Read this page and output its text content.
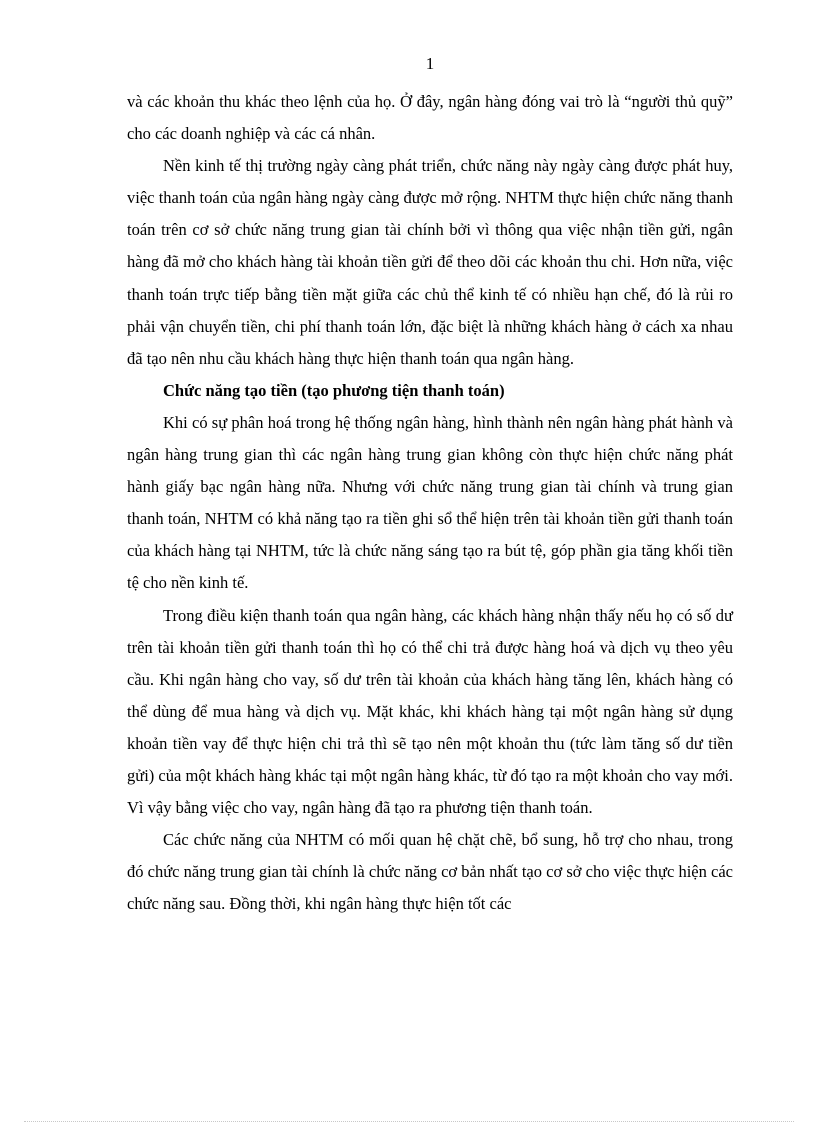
1

và các khoản thu khác theo lệnh của họ. Ở đây, ngân hàng đóng vai trò là “người thủ quỹ” cho các doanh nghiệp và các cá nhân.

Nền kinh tế thị trường ngày càng phát triển, chức năng này ngày càng được phát huy, việc thanh toán của ngân hàng ngày càng được mở rộng. NHTM thực hiện chức năng thanh toán trên cơ sở chức năng trung gian tài chính bởi vì thông qua việc nhận tiền gửi, ngân hàng đã mở cho khách hàng tài khoản tiền gửi để theo dõi các khoản thu chi. Hơn nữa, việc thanh toán trực tiếp bằng tiền mặt giữa các chủ thể kinh tế có nhiều hạn chế, đó là rủi ro phải vận chuyển tiền, chi phí thanh toán lớn, đặc biệt là những khách hàng ở cách xa nhau đã tạo nên nhu cầu khách hàng thực hiện thanh toán qua ngân hàng.

Chức năng tạo tiền (tạo phương tiện thanh toán)

Khi có sự phân hoá trong hệ thống ngân hàng, hình thành nên ngân hàng phát hành và ngân hàng trung gian thì các ngân hàng trung gian không còn thực hiện chức năng phát hành giấy bạc ngân hàng nữa. Nhưng với chức năng trung gian tài chính và trung gian thanh toán, NHTM có khả năng tạo ra tiền ghi sổ thể hiện trên tài khoản tiền gửi thanh toán của khách hàng tại NHTM, tức là chức năng sáng tạo ra bút tệ, góp phần gia tăng khối tiền tệ cho nền kinh tế.

Trong điều kiện thanh toán qua ngân hàng, các khách hàng nhận thấy nếu họ có số dư trên tài khoản tiền gửi thanh toán thì họ có thể chi trả được hàng hoá và dịch vụ theo yêu cầu. Khi ngân hàng cho vay, số dư trên tài khoản của khách hàng tăng lên, khách hàng có thể dùng để mua hàng và dịch vụ. Mặt khác, khi khách hàng tại một ngân hàng sử dụng khoản tiền vay để thực hiện chi trả thì sẽ tạo nên một khoản thu (tức làm tăng số dư tiền gửi) của một khách hàng khác tại một ngân hàng khác, từ đó tạo ra một khoản cho vay mới. Vì vậy bằng việc cho vay, ngân hàng đã tạo ra phương tiện thanh toán.

Các chức năng của NHTM có mối quan hệ chặt chẽ, bổ sung, hỗ trợ cho nhau, trong đó chức năng trung gian tài chính là chức năng cơ bản nhất tạo cơ sở cho việc thực hiện các chức năng sau. Đồng thời, khi ngân hàng thực hiện tốt các
